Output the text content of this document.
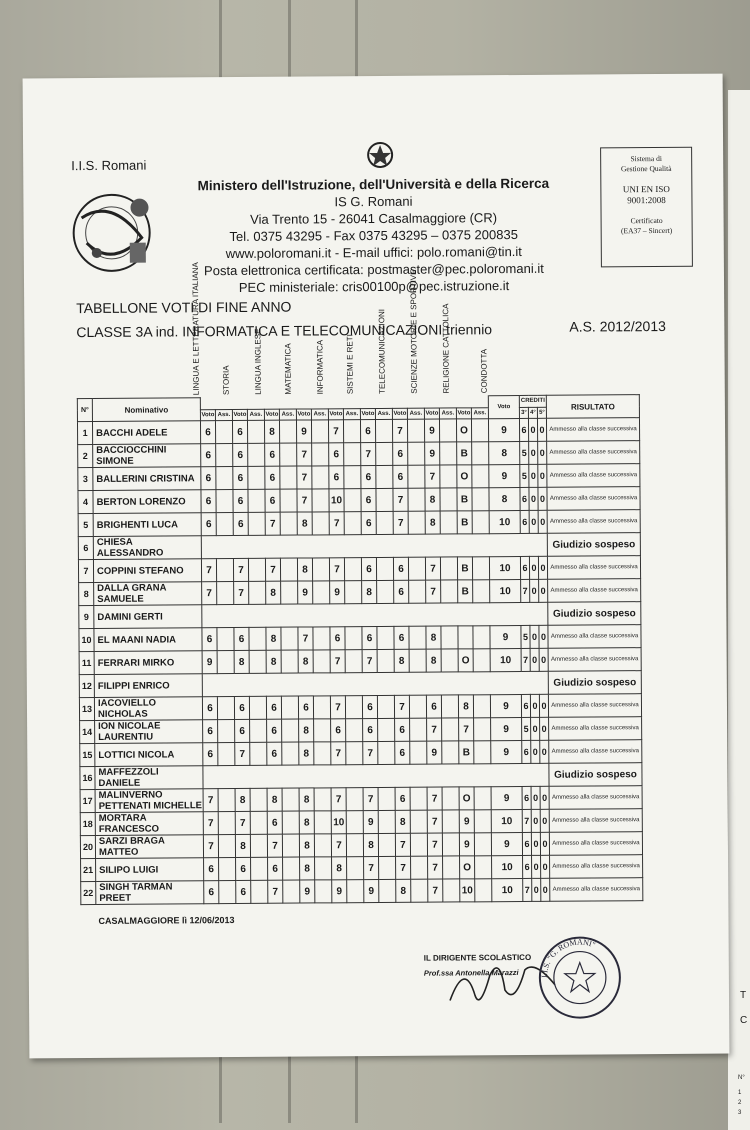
T
C
N°
1
2
3
I.I.S. Romani
Ministero dell'Istruzione, dell'Università e della Ricerca
IS G. Romani
Via Trento 15 - 26041 Casalmaggiore (CR)
Tel. 0375 43295 - Fax 0375 43295 – 0375 200835
www.poloromani.it - E-mail uffici: polo.romani@tin.it
Posta elettronica certificata: postmaster@pec.poloromani.it
PEC ministeriale: cris00100p@pec.istruzione.it
Sistema di
Gestione Qualità
UNI EN ISO
9001:2008
Certificato
(EA37 – Sincert)
TABELLONE VOTI DI FINE ANNO
CLASSE 3A ind. INFORMATICA E TELECOMUNICAZIONI triennio	A.S. 2012/2013
LINGUA E LETTERATURA ITALIANA	STORIA	LINGUA INGLESE	MATEMATICA	INFORMATICA	SISTEMI E RETI	TELECOMUNICAZIONI	SCIENZE MOTORIE E SPORTIVE	RELIGIONE CATTOLICA	CONDOTTA
N°	Nominativo																			Voto	CREDITI			RISULTATO
		Voto	Ass.	Voto	Ass.	Voto	Ass.	Voto	Ass.	Voto	Ass.	Voto	Ass.	Voto	Ass.	Voto	Ass.	Voto	Ass.		3°	4°	5°	
1	BACCHI ADELE	6		6		8		9		7		6		7		9		O		9	6	0	0	Ammesso alla classe successiva
2	BACCIOCCHINI SIMONE	6		6		6		7		6		7		6		9		B		8	5	0	0	Ammesso alla classe successiva
3	BALLERINI CRISTINA	6		6		6		7		6		6		6		7		O		9	5	0	0	Ammesso alla classe successiva
4	BERTON LORENZO	6		6		6		7		10		6		7		8		B		8	6	0	0	Ammesso alla classe successiva
5	BRIGHENTI LUCA	6		6		7		8		7		6		7		8		B		10	6	0	0	Ammesso alla classe successiva
6	CHIESA ALESSANDRO																							Giudizio sospeso
7	COPPINI STEFANO	7		7		7		8		7		6		6		7		B		10	6	0	0	Ammesso alla classe successiva
8	DALLA GRANA SAMUELE	7		7		8		9		9		8		6		7		B		10	7	0	0	Ammesso alla classe successiva
9	DAMINI GERTI																							Giudizio sospeso
10	EL MAANI NADIA	6		6		8		7		6		6		6		8				9	5	0	0	Ammesso alla classe successiva
11	FERRARI MIRKO	9		8		8		8		7		7		8		8		O		10	7	0	0	Ammesso alla classe successiva
12	FILIPPI ENRICO																							Giudizio sospeso
13	IACOVIELLO NICHOLAS	6		6		6		6		7		6		7		6		8		9	6	0	0	Ammesso alla classe successiva
14	ION NICOLAE LAURENTIU	6		6		6		8		6		6		6		7		7		9	5	0	0	Ammesso alla classe successiva
15	LOTTICI NICOLA	6		7		6		8		7		7		6		9		B		9	6	0	0	Ammesso alla classe successiva
16	MAFFEZZOLI DANIELE																							Giudizio sospeso
17	MALINVERNO PETTENATI MICHELLE	7		8		8		8		7		7		6		7		O		9	6	0	0	Ammesso alla classe successiva
18	MORTARA FRANCESCO	7		7		6		8		10		9		8		7		9		10	7	0	0	Ammesso alla classe successiva
20	SARZI BRAGA MATTEO	7		8		7		8		7		8		7		7		9		9	6	0	0	Ammesso alla classe successiva
21	SILIPO LUIGI	6		6		6		8		8		7		7		7		O		10	6	0	0	Ammesso alla classe successiva
22	SINGH TARMAN PREET	6		6		7		9		9		9		8		7		10		10	7	0	0	Ammesso alla classe successiva
CASALMAGGIORE lì 12/06/2013
IL DIRIGENTE SCOLASTICO
Prof.ssa Antonella Marazzi	I.I.S. "G. ROMANI"
